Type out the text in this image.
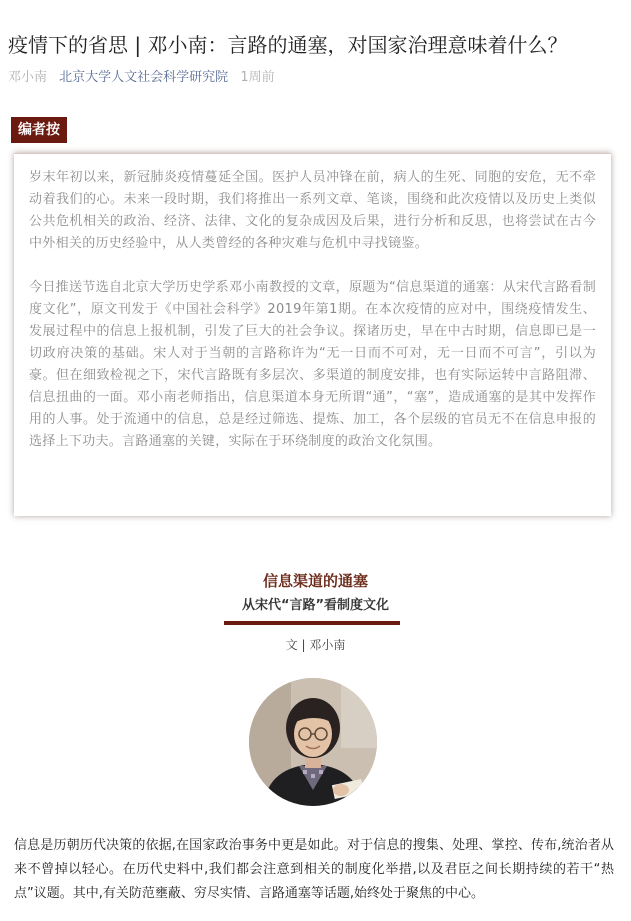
疫情下的省思 | 邓小南：言路的通塞，对国家治理意味着什么？
邓小南 北京大学人文社会科学研究院 1周前
编者按

岁末年初以来，新冠肺炎疫情蔓延全国。医护人员冲锋在前，病人的生死、同胞的安危，无不牵动着我们的心。未来一段时期，我们将推出一系列文章、笔谈，围绕和此次疫情以及历史上类似公共危机相关的政治、经济、法律、文化的复杂成因及后果，进行分析和反思，也将尝试在古今中外相关的历史经验中，从人类曾经的各种灾难与危机中寻找镜鉴。

今日推送节选自北京大学历史学系邓小南教授的文章，原题为“信息渠道的通塞：从宋代言路看制度文化”，原文刊发于《中国社会科学》2019年第1期。在本次疫情的应对中，围绕疫情发生、发展过程中的信息上报机制，引发了巨大的社会争议。探诸历史，早在中古时期，信息即已是一切政府决策的基础。宋人对于当朝的言路称许为“无一日而不可对，无一日而不可言”，引以为豪。但在细致检视之下，宋代言路既有多层次、多渠道的制度安排，也有实际运转中言路阻滞、信息扭曲的一面。邓小南老师指出，信息渠道本身无所谓“通”，“塞”，造成通塞的是其中发挥作用的人事。处于流通中的信息，总是经过筛选、提炼、加工，各个层级的官员无不在信息申报的选择上下功夫。言路通塞的关键，实际在于环绕制度的政治文化氛围。

信息渠道的通塞
从宋代“言路”看制度文化
文 | 邓小南

信息是历朝历代决策的依据,在国家政治事务中更是如此。对于信息的搜集、处理、掌控、传布,统治者从来不曾掉以轻心。在历代史料中,我们都会注意到相关的制度化举措,以及君臣之间长期持续的若干“热点”议题。其中,有关防范壅蔽、穷尽实情、言路通塞等话题,始终处于聚焦的中心。
